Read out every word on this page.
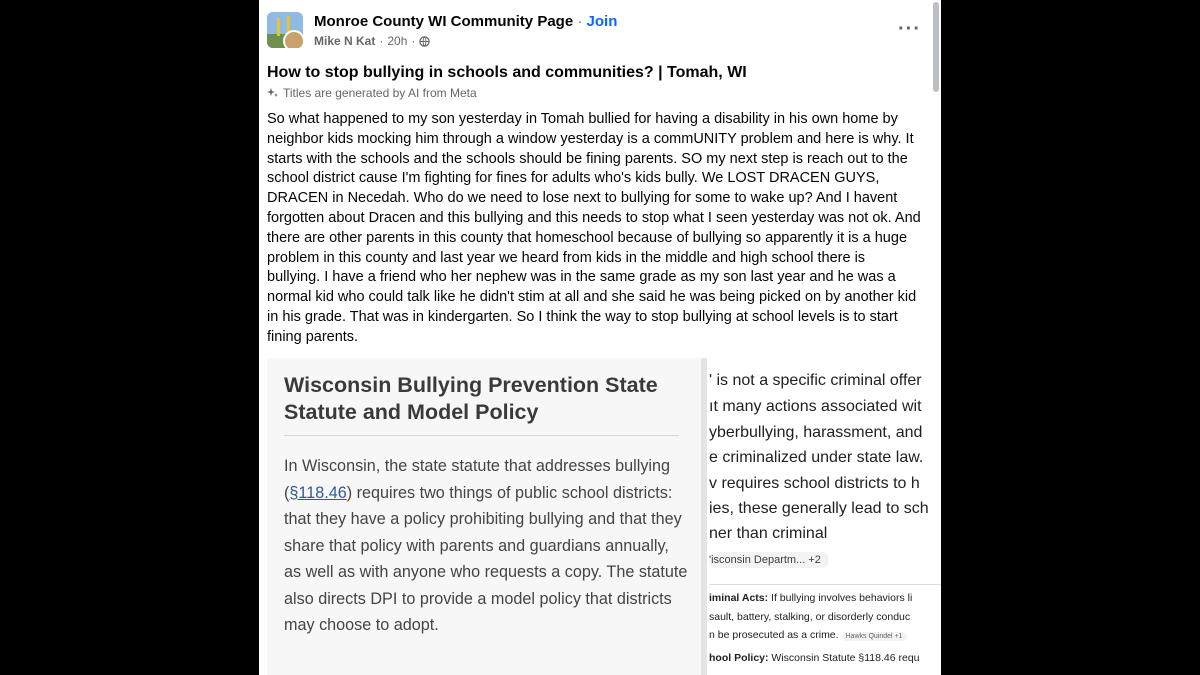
Monroe County WI Community Page · Join
Mike N Kat · 20h ·
···
How to stop bullying in schools and communities? | Tomah, WI
Titles are generated by AI from Meta
So what happened to my son yesterday in Tomah bullied for having a disability in his own home by neighbor kids mocking him through a window yesterday is a commUNITY problem and here is why. It starts with the schools and the schools should be fining parents. SO my next step is reach out to the school district cause I'm fighting for fines for adults who's kids bully. We LOST DRACEN GUYS, DRACEN in Necedah. Who do we need to lose next to bullying for some to wake up? And I havent forgotten about Dracen and this bullying and this needs to stop what I seen yesterday was not ok. And there are other parents in this county that homeschool because of bullying so apparently it is a huge problem in this county and last year we heard from kids in the middle and high school there is bullying. I have a friend who her nephew was in the same grade as my son last year and he was a normal kid who could talk like he didn't stim at all and she said he was being picked on by another kid in his grade. That was in kindergarten. So I think the way to stop bullying at school levels is to start fining parents.
Wisconsin Bullying Prevention State Statute and Model Policy
In Wisconsin, the state statute that addresses bullying (§118.46) requires two things of public school districts: that they have a policy prohibiting bullying and that they share that policy with parents and guardians annually, as well as with anyone who requests a copy. The statute also directs DPI to provide a model policy that districts may choose to adopt.
' is not a specific criminal offer
ıt many actions associated wit
yberbullying, harassment, and
e criminalized under state law.
v requires school districts to h
ies, these generally lead to sch
ner than criminal
'isconsin Departm... +2
iminal Acts: If bullying involves behaviors li
sault, battery, stalking, or disorderly conduc
n be prosecuted as a crime. Hawks Quindel +1
hool Policy: Wisconsin Statute §118.46 requ
